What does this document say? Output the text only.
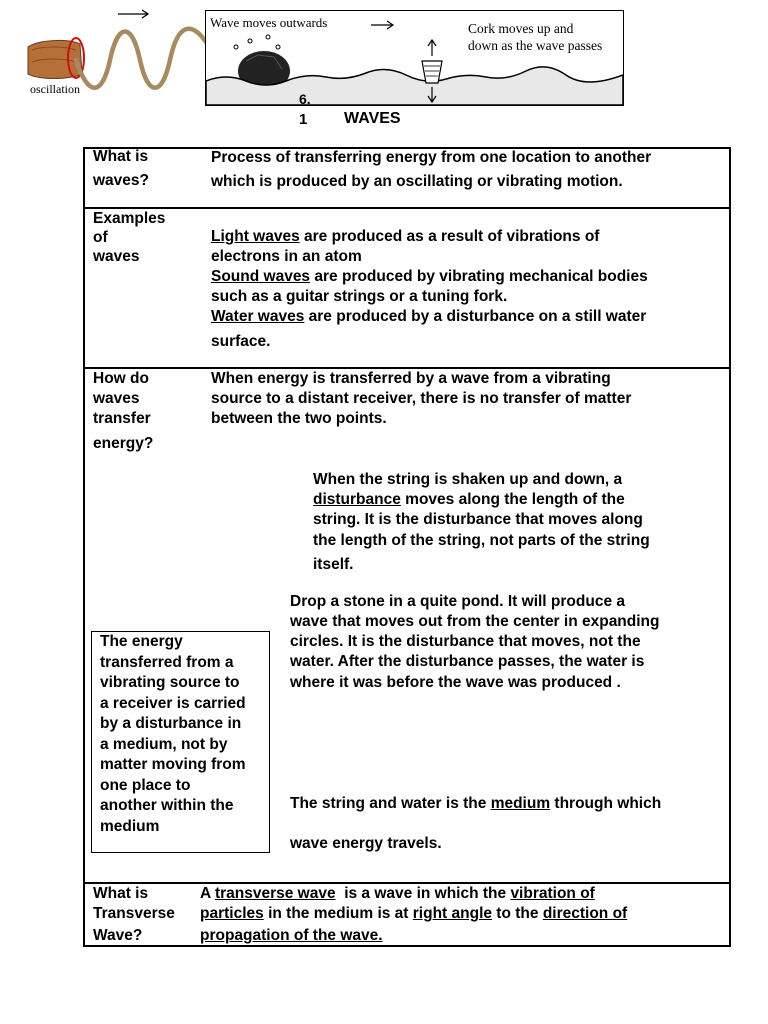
oscillation
Wave moves outwards	Cork moves up and
down as the wave passes
6.
1 WAVES
What is
waves?
Process of transferring energy from one location to another
which is produced by an oscillating or vibrating motion.
Examples
of
waves
Light waves are produced as a result of vibrations of
electrons in an atom
Sound waves are produced by vibrating mechanical bodies
such as a guitar strings or a tuning fork.
Water waves are produced by a disturbance on a still water
surface.
How do
waves
transfer
energy?
When energy is transferred by a wave from a vibrating
source to a distant receiver, there is no transfer of matter
between the two points.
When the string is shaken up and down, a
disturbance moves along the length of the
string. It is the disturbance that moves along
the length of the string, not parts of the string
itself.
Drop a stone in a quite pond. It will produce a
wave that moves out from the center in expanding
circles. It is the disturbance that moves, not the
water. After the disturbance passes, the water is
where it was before the wave was produced .
The energy
transferred from a
vibrating source to
a receiver is carried
by a disturbance in
a medium, not by
matter moving from
one place to
another within the
medium
The string and water is the medium through which
wave energy travels.
What is
Transverse
Wave?
A transverse wave  is a wave in which the vibration of
particles in the medium is at right angle to the direction of
propagation of the wave.
